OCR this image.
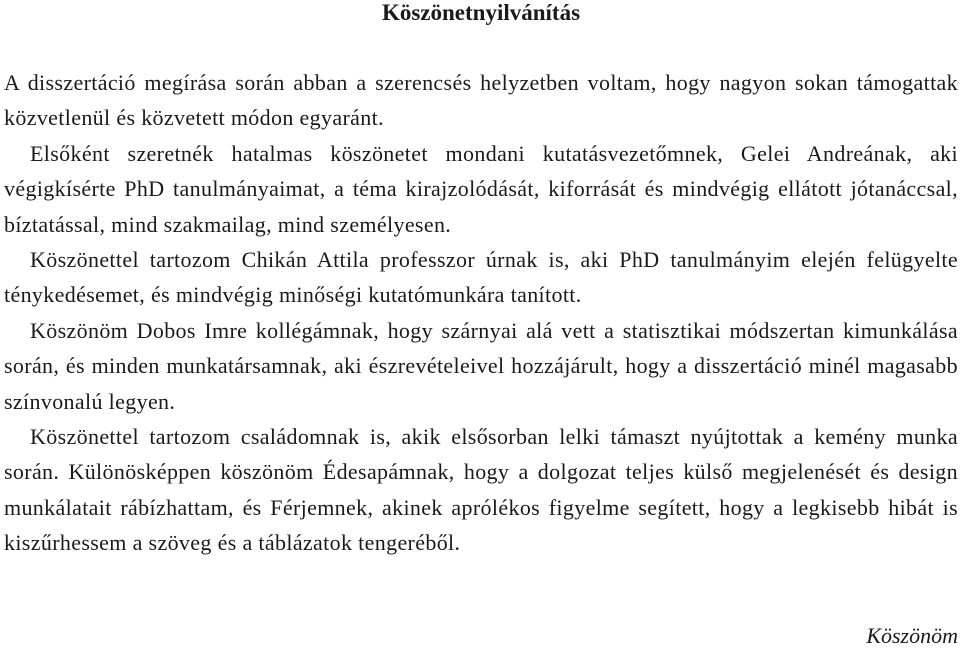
Köszönetnyilvánítás

A disszertáció megírása során abban a szerencsés helyzetben voltam, hogy nagyon sokan támogattak közvetlenül és közvetett módon egyaránt.

Elsőként szeretnék hatalmas köszönetet mondani kutatásvezetőmnek, Gelei Andreának, aki végigkísérte PhD tanulmányaimat, a téma kirajzolódását, kiforrását és mindvégig ellátott jótanáccsal, bíztatással, mind szakmailag, mind személyesen.

Köszönettel tartozom Chikán Attila professzor úrnak is, aki PhD tanulmányim elején felügyelte ténykedésemet, és mindvégig minőségi kutatómunkára tanított.

Köszönöm Dobos Imre kollégámnak, hogy szárnyai alá vett a statisztikai módszertan kimunkálása során, és minden munkatársamnak, aki észrevételeivel hozzájárult, hogy a disszertáció minél magasabb színvonalú legyen.

Köszönettel tartozom családomnak is, akik elsősorban lelki támaszt nyújtottak a kemény munka során. Különösképpen köszönöm Édesapámnak, hogy a dolgozat teljes külső megjelenését és design munkálatait rábízhattam, és Férjemnek, akinek aprólékos figyelme segített, hogy a legkisebb hibát is kiszűrhessem a szöveg és a táblázatok tengeréből.

Köszönöm
